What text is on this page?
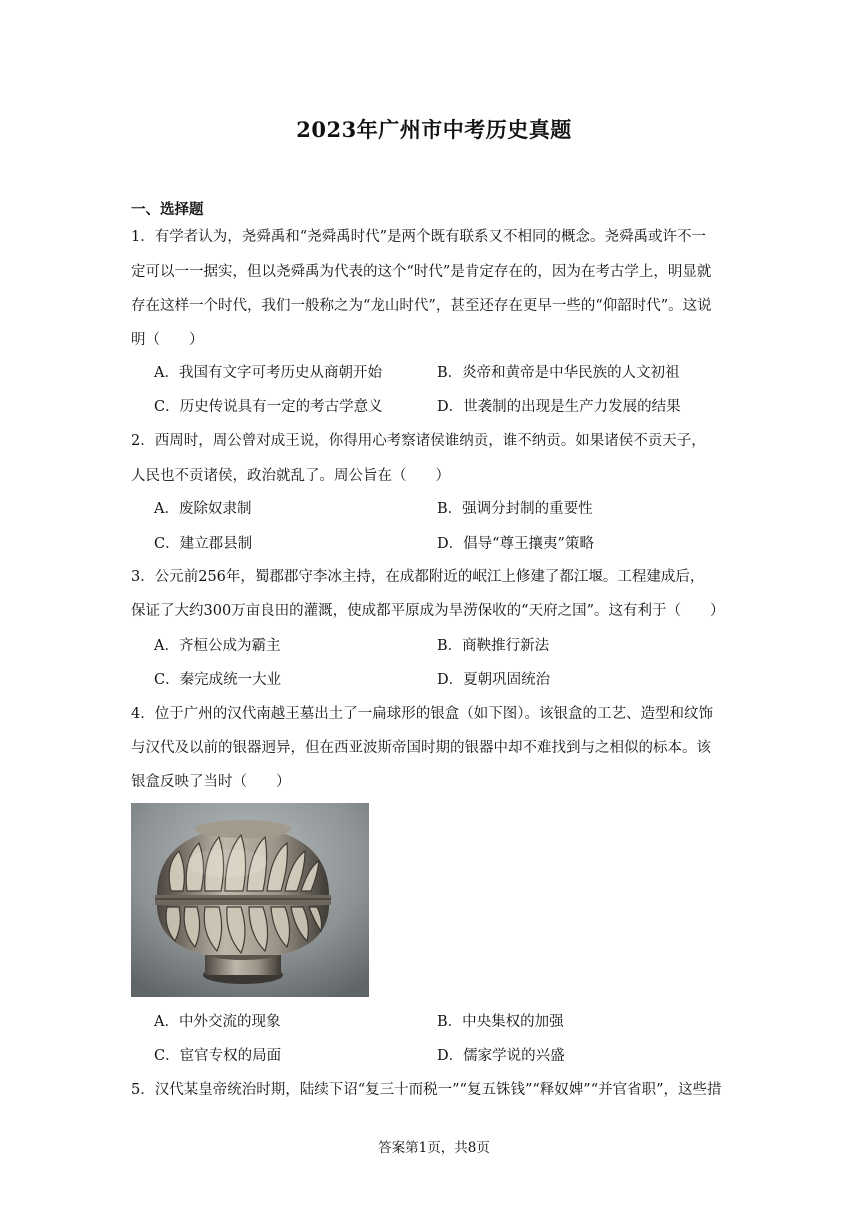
2023年广州市中考历史真题
一、选择题
1．有学者认为，尧舜禹和“尧舜禹时代”是两个既有联系又不相同的概念。尧舜禹或许不一
定可以一一据实，但以尧舜禹为代表的这个“时代”是肯定存在的，因为在考古学上，明显就
存在这样一个时代，我们一般称之为“龙山时代”，甚至还存在更早一些的“仰韶时代”。这说
明（　　）
A．我国有文字可考历史从商朝开始	B．炎帝和黄帝是中华民族的人文初祖
C．历史传说具有一定的考古学意义	D．世袭制的出现是生产力发展的结果
2．西周时，周公曾对成王说，你得用心考察诸侯谁纳贡，谁不纳贡。如果诸侯不贡天子，
人民也不贡诸侯，政治就乱了。周公旨在（　　）
A．废除奴隶制	B．强调分封制的重要性
C．建立郡县制	D．倡导“尊王攘夷”策略
3．公元前256年，蜀郡郡守李冰主持，在成都附近的岷江上修建了都江堰。工程建成后，
保证了大约300万亩良田的灌溉，使成都平原成为旱涝保收的“天府之国”。这有利于（　　）
A．齐桓公成为霸主	B．商鞅推行新法
C．秦完成统一大业	D．夏朝巩固统治
4．位于广州的汉代南越王墓出土了一扁球形的银盒（如下图）。该银盒的工艺、造型和纹饰
与汉代及以前的银器迥异，但在西亚波斯帝国时期的银器中却不难找到与之相似的标本。该
银盒反映了当时（　　）
A．中外交流的现象	B．中央集权的加强
C．宦官专权的局面	D．儒家学说的兴盛
5．汉代某皇帝统治时期，陆续下诏“复三十而税一”“复五铢钱”“释奴婢”“并官省职”，这些措
答案第1页，共8页
